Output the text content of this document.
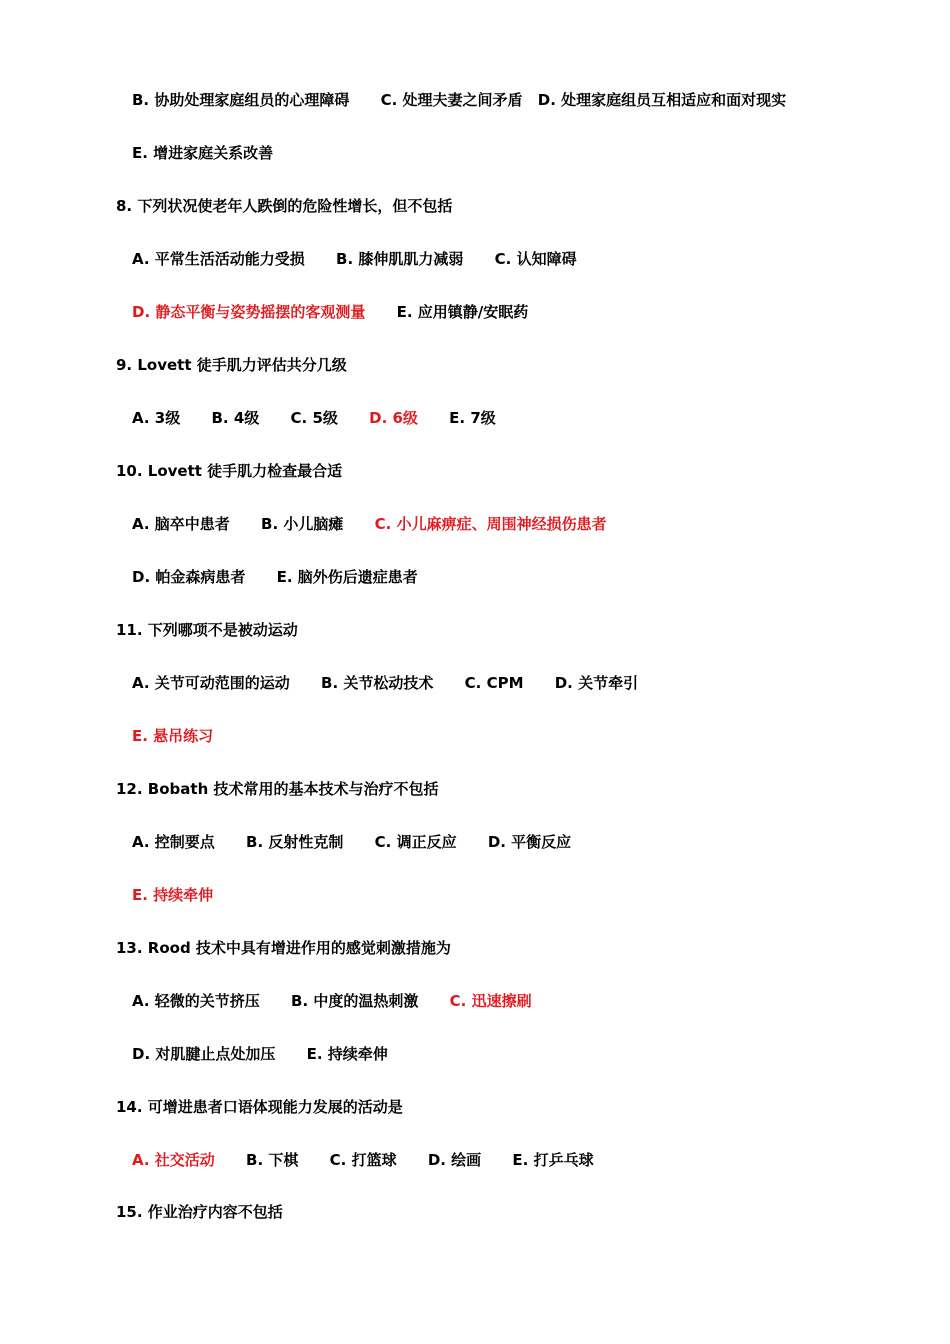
B. 协助处理家庭组员的心理障碍 C. 处理夫妻之间矛盾 D. 处理家庭组员互相适应和面对现实
E. 增进家庭关系改善
8. 下列状况使老年人跌倒的危险性增长，但不包括
A. 平常生活活动能力受损 B. 膝伸肌肌力减弱 C. 认知障碍
D. 静态平衡与姿势摇摆的客观测量 E. 应用镇静/安眠药
9. Lovett 徒手肌力评估共分几级
A. 3级 B. 4级 C. 5级 D. 6级 E. 7级
10. Lovett 徒手肌力检查最合适
A. 脑卒中患者 B. 小儿脑瘫 C. 小儿麻痹症、周围神经损伤患者
D. 帕金森病患者 E. 脑外伤后遗症患者
11. 下列哪项不是被动运动
A. 关节可动范围的运动 B. 关节松动技术 C. CPM D. 关节牵引
E. 悬吊练习
12. Bobath 技术常用的基本技术与治疗不包括
A. 控制要点 B. 反射性克制 C. 调正反应 D. 平衡反应
E. 持续牵伸
13. Rood 技术中具有增进作用的感觉刺激措施为
A. 轻微的关节挤压 B. 中度的温热刺激 C. 迅速擦刷
D. 对肌腱止点处加压 E. 持续牵伸
14. 可增进患者口语体现能力发展的活动是
A. 社交活动 B. 下棋 C. 打篮球 D. 绘画 E. 打乒乓球
15. 作业治疗内容不包括
